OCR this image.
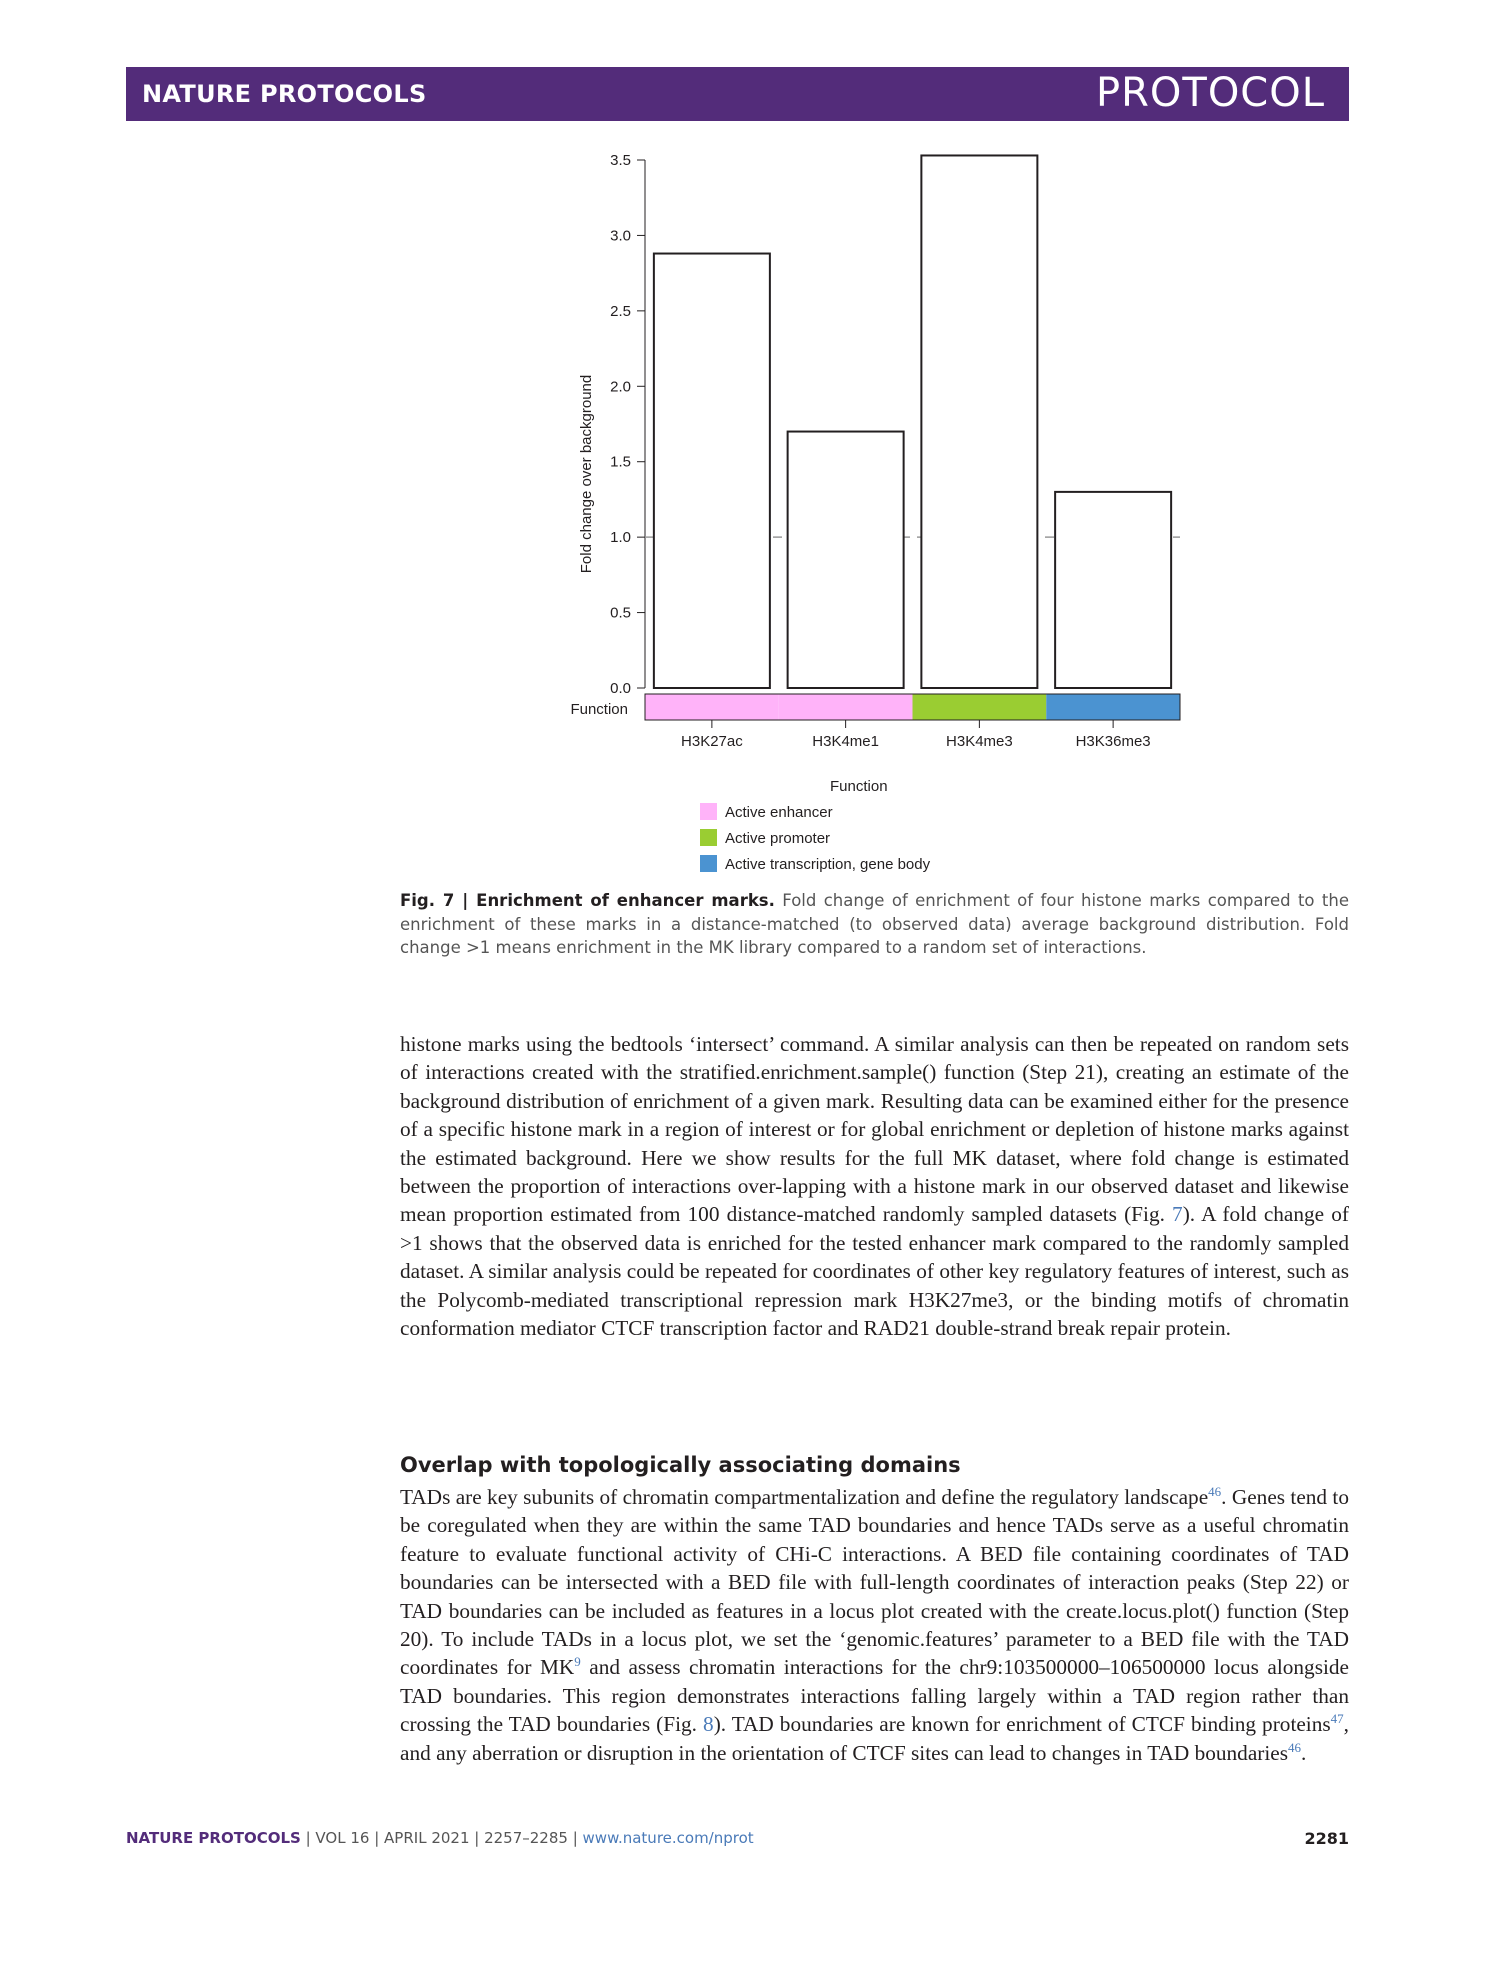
NATURE PROTOCOLS	PROTOCOL
0.0
0.5
1.0
1.5
2.0
2.5
3.0
3.5
Fold change over background
Function
H3K27ac	H3K4me1	H3K4me3	H3K36me3
Function
Active enhancer
Active promoter
Active transcription, gene body
Fig. 7 | Enrichment of enhancer marks. Fold change of enrichment of four histone marks compared to the enrichment of these marks in a distance-matched (to observed data) average background distribution. Fold change >1 means enrichment in the MK library compared to a random set of interactions.

histone marks using the bedtools ‘intersect’ command. A similar analysis can then be repeated on random sets of interactions created with the stratified.enrichment.sample() function (Step 21), creating an estimate of the background distribution of enrichment of a given mark. Resulting data can be examined either for the presence of a specific histone mark in a region of interest or for global enrichment or depletion of histone marks against the estimated background. Here we show results for the full MK dataset, where fold change is estimated between the proportion of interactions over-lapping with a histone mark in our observed dataset and likewise mean proportion estimated from 100 distance-matched randomly sampled datasets (Fig. 7). A fold change of >1 shows that the observed data is enriched for the tested enhancer mark compared to the randomly sampled dataset. A similar analysis could be repeated for coordinates of other key regulatory features of interest, such as the Polycomb-mediated transcriptional repression mark H3K27me3, or the binding motifs of chromatin conformation mediator CTCF transcription factor and RAD21 double-strand break repair protein.

Overlap with topologically associating domains

TADs are key subunits of chromatin compartmentalization and define the regulatory landscape$^{46}$. Genes tend to be coregulated when they are within the same TAD boundaries and hence TADs serve as a useful chromatin feature to evaluate functional activity of CHi-C interactions. A BED file containing coordinates of TAD boundaries can be intersected with a BED file with full-length coordinates of interaction peaks (Step 22) or TAD boundaries can be included as features in a locus plot created with the create.locus.plot() function (Step 20). To include TADs in a locus plot, we set the ‘genomic.features’ parameter to a BED file with the TAD coordinates for $MK^9$ and assess chromatin interactions for the chr9:103500000–106500000 locus alongside TAD boundaries. This region demonstrates interactions falling largely within a TAD region rather than crossing the TAD boundaries (Fig. 8). TAD boundaries are known for enrichment of CTCF binding proteins$^{47}$, and any aberration or disruption in the orientation of CTCF sites can lead to changes in TAD boundaries$^{46}$.

NATURE PROTOCOLS | VOL 16 | APRIL 2021 | 2257–2285 | www.nature.com/nprot	2281
